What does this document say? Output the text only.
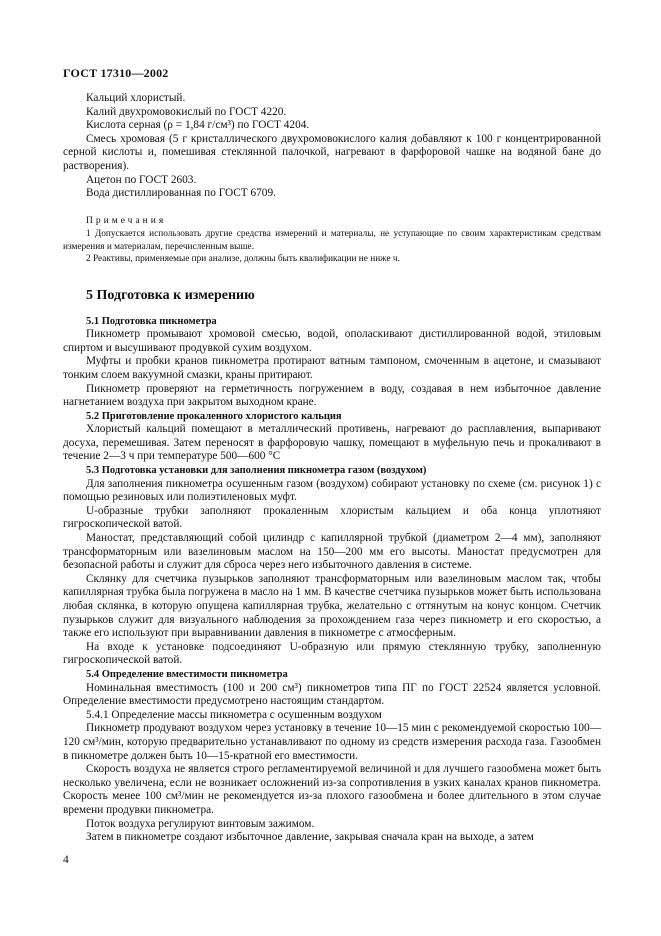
ГОСТ 17310—2002

Кальций хлористый.

Калий двухромовокислый по ГОСТ 4220.

Кислота серная (ρ = 1,84 г/см³) по ГОСТ 4204.

Смесь хромовая (5 г кристаллического двухромовокислого калия добавляют к 100 г концентрированной серной кислоты и, помешивая стеклянной палочкой, нагревают в фарфоровой чашке на водяной бане до растворения).

Ацетон по ГОСТ 2603.

Вода дистиллированная по ГОСТ 6709.

Примечания

1 Допускается использовать другие средства измерений и материалы, не уступающие по своим характеристикам средствам измерения и материалам, перечисленным выше.

2 Реактивы, применяемые при анализе, должны быть квалификации не ниже ч.

5 Подготовка к измерению

5.1 Подготовка пикнометра

Пикнометр промывают хромовой смесью, водой, ополаскивают дистиллированной водой, этиловым спиртом и высушивают продувкой сухим воздухом.

Муфты и пробки кранов пикнометра протирают ватным тампоном, смоченным в ацетоне, и смазывают тонким слоем вакуумной смазки, краны притирают.

Пикнометр проверяют на герметичность погружением в воду, создавая в нем избыточное давление нагнетанием воздуха при закрытом выходном кране.

5.2 Приготовление прокаленного хлористого кальция

Хлористый кальций помещают в металлический противень, нагревают до расплавления, выпаривают досуха, перемешивая. Затем переносят в фарфоровую чашку, помещают в муфельную печь и прокаливают в течение 2—3 ч при температуре 500—600 °С

5.3 Подготовка установки для заполнения пикнометра газом (воздухом)

Для заполнения пикнометра осушенным газом (воздухом) собирают установку по схеме (см. рисунок 1) с помощью резиновых или полиэтиленовых муфт.

U-образные трубки заполняют прокаленным хлористым кальцием и оба конца уплотняют гигроскопической ватой.

Маностат, представляющий собой цилиндр с капиллярной трубкой (диаметром 2—4 мм), заполняют трансформаторным или вазелиновым маслом на 150—200 мм его высоты. Маностат предусмотрен для безопасной работы и служит для сброса через него избыточного давления в системе.

Склянку для счетчика пузырьков заполняют трансформаторным или вазелиновым маслом так, чтобы капиллярная трубка была погружена в масло на 1 мм. В качестве счетчика пузырьков может быть использована любая склянка, в которую опущена капиллярная трубка, желательно с оттянутым на конус концом. Счетчик пузырьков служит для визуального наблюдения за прохождением газа через пикнометр и его скоростью, а также его используют при выравнивании давления в пикнометре с атмосферным.

На входе к установке подсоединяют U-образную или прямую стеклянную трубку, заполненную гигроскопической ватой.

5.4 Определение вместимости пикнометра

Номинальная вместимость (100 и 200 см³) пикнометров типа ПГ по ГОСТ 22524 является условной. Определение вместимости предусмотрено настоящим стандартом.

5.4.1 Определение массы пикнометра с осушенным воздухом

Пикнометр продувают воздухом через установку в течение 10—15 мин с рекомендуемой скоростью 100—120 см³/мин, которую предварительно устанавливают по одному из средств измерения расхода газа. Газообмен в пикнометре должен быть 10—15-кратной его вместимости.

Скорость воздуха не является строго регламентируемой величиной и для лучшего газообмена может быть несколько увеличена, если не возникает осложнений из-за сопротивления в узких каналах кранов пикнометра. Скорость менее 100 см³/мин не рекомендуется из-за плохого газообмена и более длительного в этом случае времени продувки пикнометра.

Поток воздуха регулируют винтовым зажимом.

Затем в пикнометре создают избыточное давление, закрывая сначала кран на выходе, а затем

4
